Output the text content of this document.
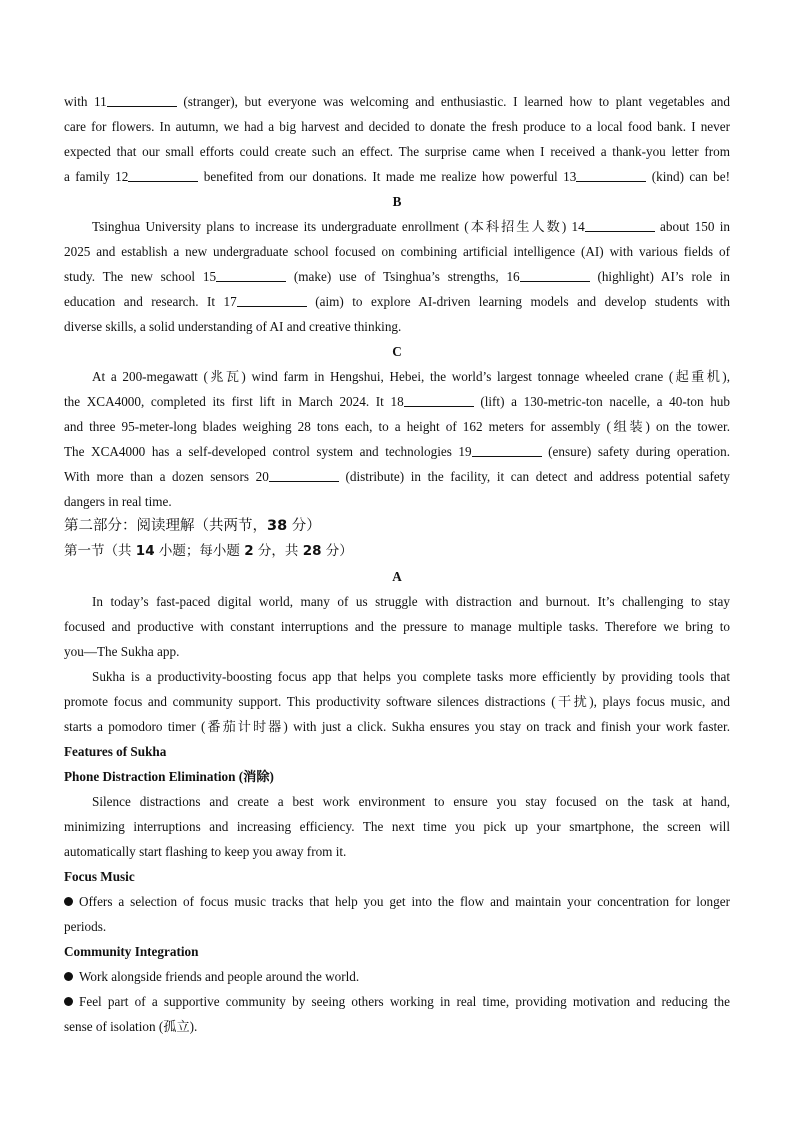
with 11	(stranger), but everyone was welcoming and enthusiastic. I learned how to plant vegetables and
care for flowers. In autumn, we had a big harvest and decided to donate the fresh produce to a local food bank. I never
expected that our small efforts could create such an effect. The surprise came when I received a thank-you letter from
a family 12	benefited from our donations. It made me realize how powerful 13	(kind) can be!
B
Tsinghua University plans to increase its undergraduate enrollment (本科招生人数) 14	about 150 in
2025 and establish a new undergraduate school focused on combining artificial intelligence (AI) with various fields of
study. The new school 15	(make) use of Tsinghua’s strengths, 16	(highlight) AI’s role in
education and research. It 17	(aim) to explore AI-driven learning models and develop students with
diverse skills, a solid understanding of AI and creative thinking.
C
At a 200-megawatt (兆瓦) wind farm in Hengshui, Hebei, the world’s largest tonnage wheeled crane (起重机),
the XCA4000, completed its first lift in March 2024. It 18	(lift) a 130-metric-ton nacelle, a 40-ton hub
and three 95-meter-long blades weighing 28 tons each, to a height of 162 meters for assembly (组装) on the tower.
The XCA4000 has a self-developed control system and technologies 19	(ensure) safety during operation.
With more than a dozen sensors 20	(distribute) in the facility, it can detect and address potential safety
dangers in real time.
第二部分：阅读理解（共两节，38 分）
第一节（共 14 小题；每小题 2 分，共 28 分）
A
In today’s fast-paced digital world, many of us struggle with distraction and burnout. It’s challenging to stay
focused and productive with constant interruptions and the pressure to manage multiple tasks. Therefore we bring to
you—The Sukha app.
Sukha is a productivity-boosting focus app that helps you complete tasks more efficiently by providing tools that
promote focus and community support. This productivity software silences distractions (干扰), plays focus music, and
starts a pomodoro timer (番茄计时器) with just a click. Sukha ensures you stay on track and finish your work faster.
Features of Sukha
Phone Distraction Elimination (消除)
Silence distractions and create a best work environment to ensure you stay focused on the task at hand,
minimizing interruptions and increasing efficiency. The next time you pick up your smartphone, the screen will
automatically start flashing to keep you away from it.
Focus Music
Offers a selection of focus music tracks that help you get into the flow and maintain your concentration for longer
periods.
Community Integration
Work alongside friends and people around the world.
Feel part of a supportive community by seeing others working in real time, providing motivation and reducing the
sense of isolation (孤立).
